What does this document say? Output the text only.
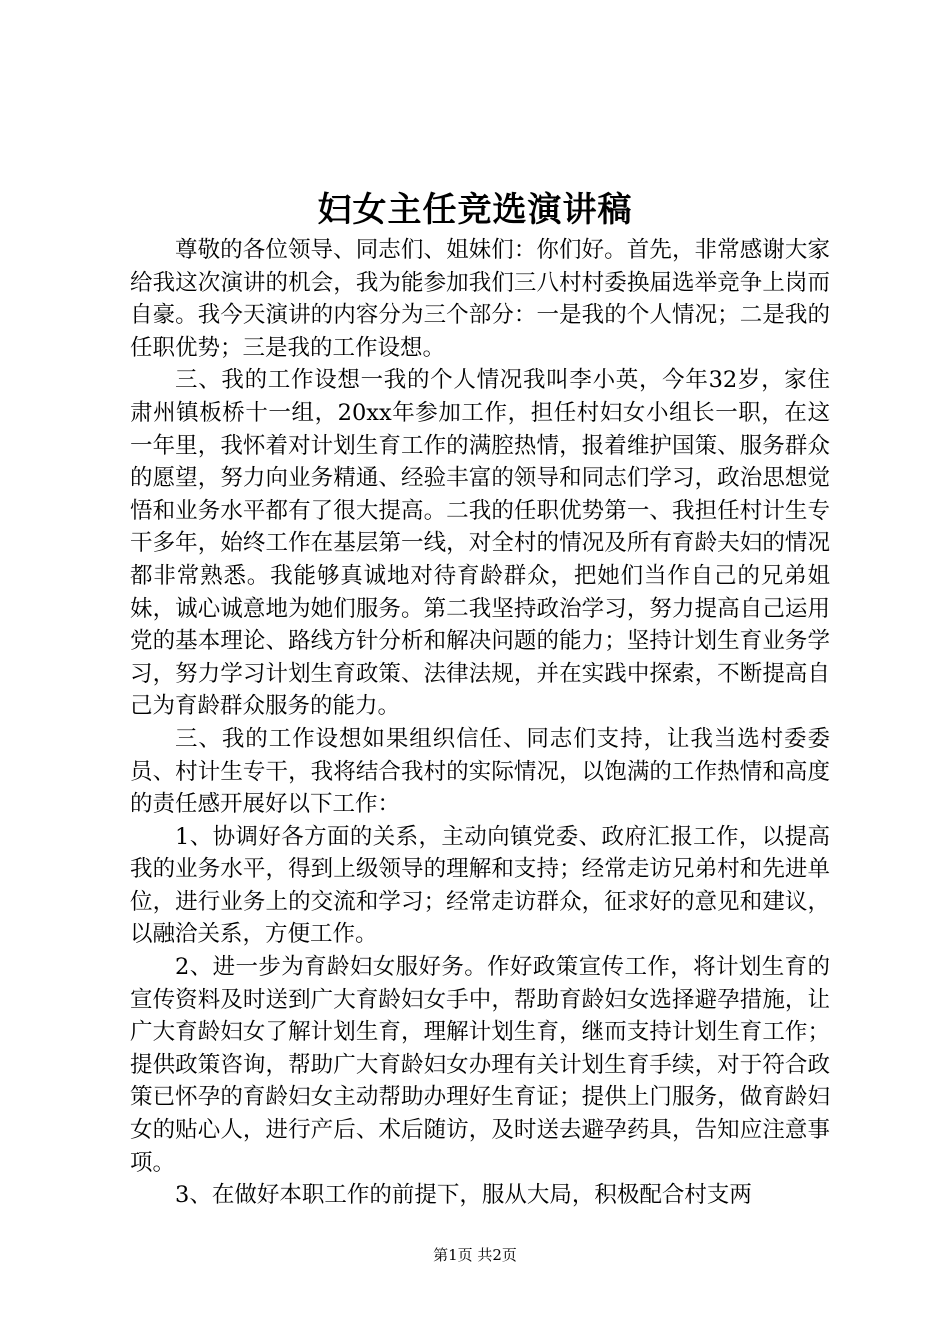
妇女主任竞选演讲稿

尊敬的各位领导、同志们、姐妹们：你们好。首先，非常感谢大家给我这次演讲的机会，我为能参加我们三八村村委换届选举竞争上岗而自豪。我今天演讲的内容分为三个部分：一是我的个人情况；二是我的任职优势；三是我的工作设想。

三、我的工作设想一我的个人情况我叫李小英，今年32岁，家住肃州镇板桥十一组，20xx年参加工作，担任村妇女小组长一职，在这一年里，我怀着对计划生育工作的满腔热情，报着维护国策、服务群众的愿望，努力向业务精通、经验丰富的领导和同志们学习，政治思想觉悟和业务水平都有了很大提高。二我的任职优势第一、我担任村计生专干多年，始终工作在基层第一线，对全村的情况及所有育龄夫妇的情况都非常熟悉。我能够真诚地对待育龄群众，把她们当作自己的兄弟姐妹，诚心诚意地为她们服务。第二我坚持政治学习，努力提高自己运用党的基本理论、路线方针分析和解决问题的能力；坚持计划生育业务学习，努力学习计划生育政策、法律法规，并在实践中探索，不断提高自己为育龄群众服务的能力。

三、我的工作设想如果组织信任、同志们支持，让我当选村委委员、村计生专干，我将结合我村的实际情况，以饱满的工作热情和高度的责任感开展好以下工作：

1、协调好各方面的关系，主动向镇党委、政府汇报工作，以提高我的业务水平，得到上级领导的理解和支持；经常走访兄弟村和先进单位，进行业务上的交流和学习；经常走访群众，征求好的意见和建议，以融洽关系，方便工作。

2、进一步为育龄妇女服好务。作好政策宣传工作，将计划生育的宣传资料及时送到广大育龄妇女手中，帮助育龄妇女选择避孕措施，让广大育龄妇女了解计划生育，理解计划生育，继而支持计划生育工作；提供政策咨询，帮助广大育龄妇女办理有关计划生育手续，对于符合政策已怀孕的育龄妇女主动帮助办理好生育证；提供上门服务，做育龄妇女的贴心人，进行产后、术后随访，及时送去避孕药具，告知应注意事项。

3、在做好本职工作的前提下，服从大局，积极配合村支两

第1页 共2页
